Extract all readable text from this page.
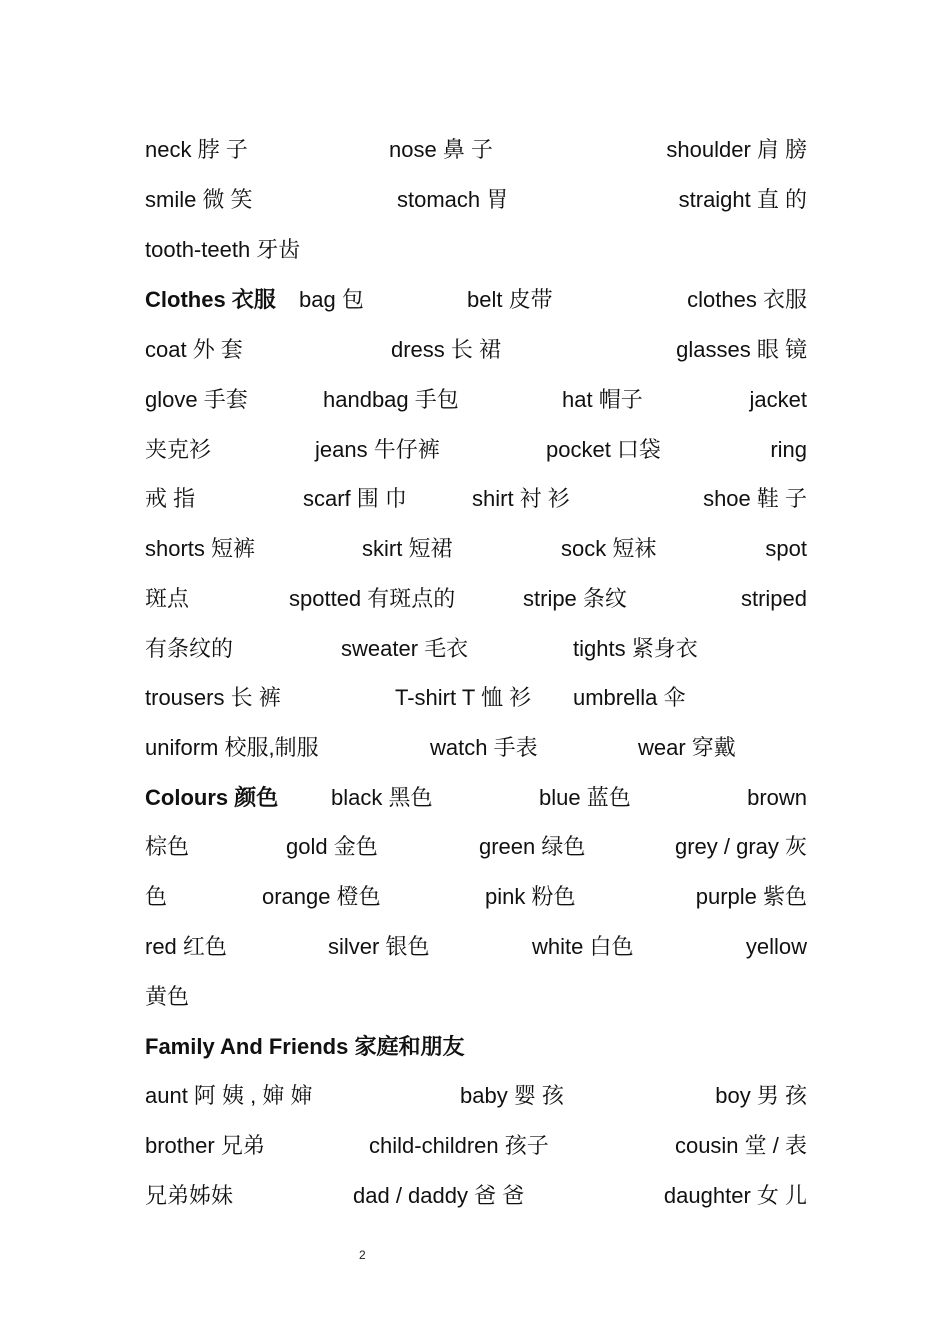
neck 脖 子	nose 鼻 子	shoulder 肩 膀
smile 微 笑	stomach 胃	straight 直 的
tooth-teeth 牙齿
Clothes 衣服 bag 包	belt 皮带	clothes 衣服
coat 外 套	dress 长 裙	glasses 眼 镜
glove 手套	handbag 手包	hat 帽子	jacket
夹克衫	jeans 牛仔裤	pocket 口袋	ring
戒 指	scarf 围 巾	shirt 衬 衫	shoe 鞋 子
shorts 短裤	skirt 短裙	sock 短袜	spot
斑点	spotted 有斑点的	stripe 条纹	striped
有条纹的	sweater 毛衣	tights 紧身衣
trousers 长 裤	T-shirt T 恤 衫 umbrella 伞
uniform 校服,制服	watch 手表	wear 穿戴
Colours 颜色 black 黑色	blue 蓝色	brown
棕色	gold 金色	green 绿色	grey / gray 灰
色	orange 橙色	pink 粉色	purple 紫色
red 红色	silver 银色	white 白色	yellow
黄色
Family And Friends 家庭和朋友
aunt 阿 姨 , 婶 婶	baby 婴 孩	boy 男 孩
brother 兄弟	child-children 孩子	cousin 堂 / 表
兄弟姊妹	dad / daddy 爸 爸	daughter 女 儿
2
